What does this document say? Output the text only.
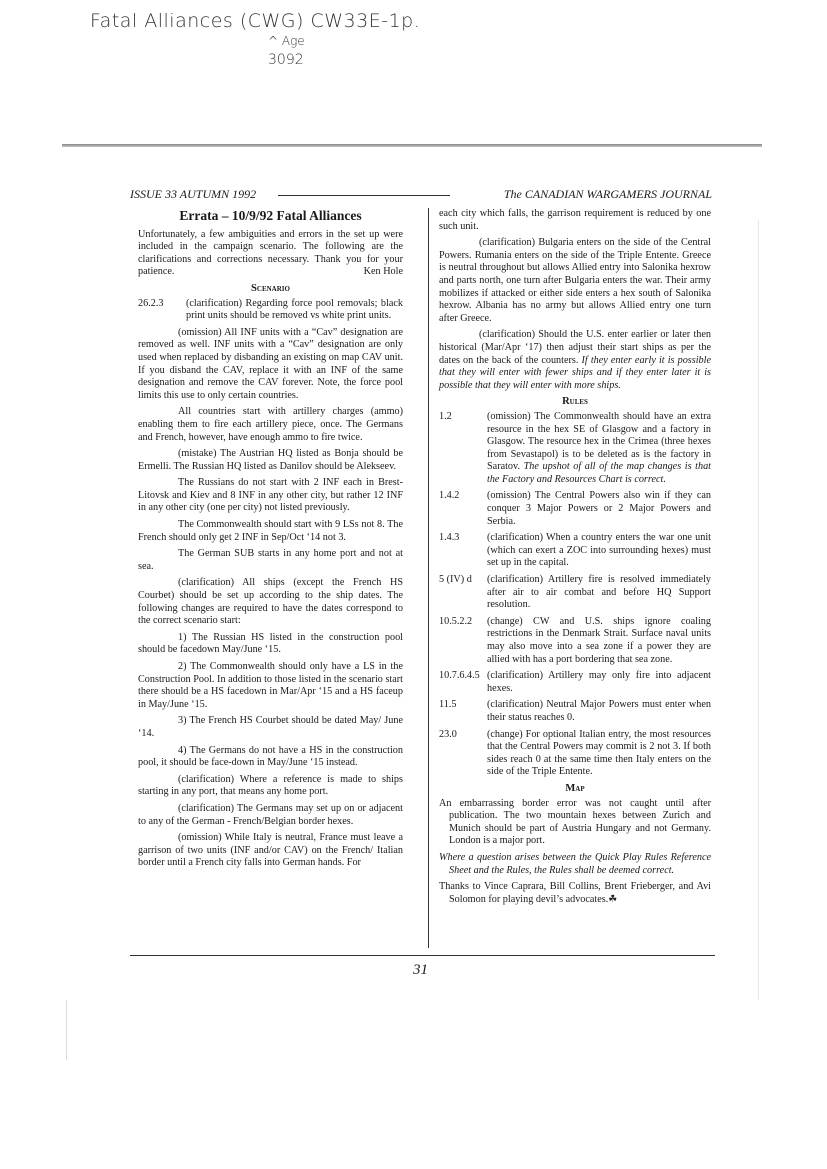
Fatal Alliances (CWG) CW33E-1p.
^ Age
3092
ISSUE 33 AUTUMN 1992	The CANADIAN WARGAMERS JOURNAL
Errata – 10/9/92 Fatal Alliances
Unfortunately, a few ambiguities and errors in the set up were included in the campaign scenario. The following are the clarifications and corrections necessary. Thank you for your patience.	Ken Hole
Scenario
26.2.3	(clarification) Regarding force pool removals; black print units should be removed vs white print units.
(omission) All INF units with a “Cav” designation are removed as well. INF units with a “Cav” designation are only used when replaced by disbanding an existing on map CAV unit. If you disband the CAV, replace it with an INF of the same designation and remove the CAV forever. Note, the force pool limits this use to only certain countries.
All countries start with artillery charges (ammo) enabling them to fire each artillery piece, once. The Germans and French, however, have enough ammo to fire twice.
(mistake) The Austrian HQ listed as Bonja should be Ermelli. The Russian HQ listed as Danilov should be Alekseev.
The Russians do not start with 2 INF each in Brest-Litovsk and Kiev and 8 INF in any other city, but rather 12 INF in any other city (one per city) not listed previously.
The Commonwealth should start with 9 LSs not 8. The French should only get 2 INF in Sep/Oct ‘14 not 3.
The German SUB starts in any home port and not at sea.
(clarification) All ships (except the French HS Courbet) should be set up according to the ship dates. The following changes are required to have the dates correspond to the correct scenario start:
1) The Russian HS listed in the construction pool should be facedown May/June ‘15.
2) The Commonwealth should only have a LS in the Construction Pool. In addition to those listed in the scenario start there should be a HS facedown in Mar/Apr ‘15 and a HS faceup in May/June ‘15.
3) The French HS Courbet should be dated May/ June ‘14.
4) The Germans do not have a HS in the construction pool, it should be face-down in May/June ‘15 instead.
(clarification) Where a reference is made to ships starting in any port, that means any home port.
(clarification) The Germans may set up on or adjacent to any of the German - French/Belgian border hexes.
(omission) While Italy is neutral, France must leave a garrison of two units (INF and/or CAV) on the French/ Italian border until a French city falls into German hands. For
each city which falls, the garrison requirement is reduced by one such unit.
(clarification) Bulgaria enters on the side of the Central Powers. Rumania enters on the side of the Triple Entente. Greece is neutral throughout but allows Allied entry into Salonika hexrow and parts north, one turn after Bulgaria enters the war. Their army mobilizes if attacked or either side enters a hex south of Salonika hexrow. Albania has no army but allows Allied entry one turn after Greece.
(clarification) Should the U.S. enter earlier or later then historical (Mar/Apr ‘17) then adjust their start ships as per the dates on the back of the counters. If they enter early it is possible that they will enter with fewer ships and if they enter later it is possible that they will enter with more ships.
Rules
1.2	(omission) The Commonwealth should have an extra resource in the hex SE of Glasgow and a factory in Glasgow. The resource hex in the Crimea (three hexes from Sevastapol) is to be deleted as is the factory in Saratov. The upshot of all of the map changes is that the Factory and Resources Chart is correct.
1.4.2	(omission) The Central Powers also win if they can conquer 3 Major Powers or 2 Major Powers and Serbia.
1.4.3	(clarification) When a country enters the war one unit (which can exert a ZOC into surrounding hexes) must set up in the capital.
5 (IV) d	(clarification) Artillery fire is resolved immediately after air to air combat and before HQ Support resolution.
10.5.2.2	(change) CW and U.S. ships ignore coaling restrictions in the Denmark Strait. Surface naval units may also move into a sea zone if a power they are allied with has a port bordering that sea zone.
10.7.6.4.5 (clarification) Artillery may only fire into adjacent hexes.
11.5	(clarification) Neutral Major Powers must enter when their status reaches 0.
23.0	(change) For optional Italian entry, the most resources that the Central Powers may commit is 2 not 3. If both sides reach 0 at the same time then Italy enters on the side of the Triple Entente.
Map
An embarrassing border error was not caught until after publication. The two mountain hexes between Zurich and Munich should be part of Austria Hungary and not Germany. London is a major port.
Where a question arises between the Quick Play Rules Reference Sheet and the Rules, the Rules shall be deemed correct.
Thanks to Vince Caprara, Bill Collins, Brent Frieberger, and Avi Solomon for playing devil’s advocates.☘
31
